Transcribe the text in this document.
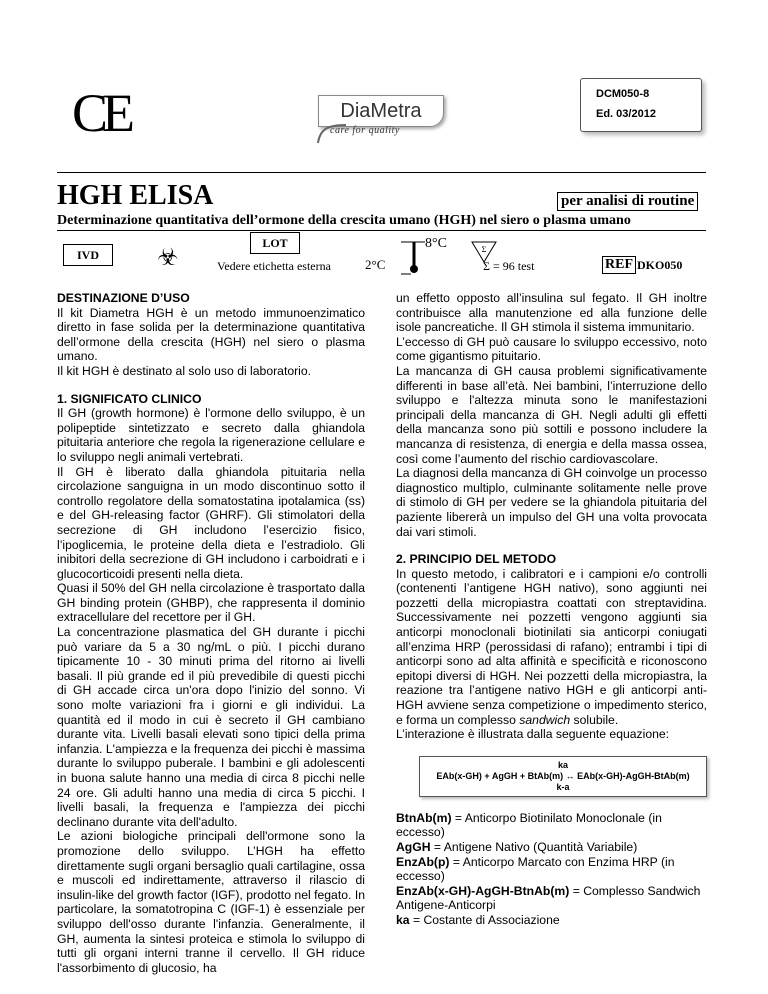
CE	DiaMetra
care for quality
DCM050-8
Ed. 03/2012
HGH ELISA	per analisi di routine
Determinazione quantitativa dell’ormone della crescita umano (HGH) nel siero o plasma umano
IVD	☣
LOT
Vedere etichetta esterna	2°C
8°C	Σ
Σ = 96 test	REF DKO050
DESTINAZIONE D’USO

Il kit Diametra HGH è un metodo immunoenzimatico diretto in fase solida per la determinazione quantitativa dell’ormone della crescita (HGH) nel siero o plasma umano.

Il kit HGH è destinato al solo uso di laboratorio.

1. SIGNIFICATO CLINICO

Il GH (growth hormone) è l'ormone dello sviluppo, è un polipeptide sintetizzato e secreto dalla ghiandola pituitaria anteriore che regola la rigenerazione cellulare e lo sviluppo negli animali vertebrati.

Il GH è liberato dalla ghiandola pituitaria nella circolazione sanguigna in un modo discontinuo sotto il controllo regolatore della somatostatina ipotalamica (ss) e del GH-releasing factor (GHRF). Gli stimolatori della secrezione di GH includono l’esercizio fisico, l’ipoglicemia, le proteine della dieta e l’estradiolo. Gli inibitori della secrezione di GH includono i carboidrati e i glucocorticoidi presenti nella dieta.

Quasi il 50% del GH nella circolazione è trasportato dalla GH binding protein (GHBP), che rappresenta il dominio extracellulare del recettore per il GH.

La concentrazione plasmatica del GH durante i picchi può variare da 5 a 30 ng/mL o più. I picchi durano tipicamente 10 - 30 minuti prima del ritorno ai livelli basali. Il più grande ed il più prevedibile di questi picchi di GH accade circa un'ora dopo l'inizio del sonno. Vi sono molte variazioni fra i giorni e gli individui. La quantità ed il modo in cui è secreto il GH cambiano durante vita. Livelli basali elevati sono tipici della prima infanzia. L'ampiezza e la frequenza dei picchi è massima durante lo sviluppo puberale. I bambini e gli adolescenti in buona salute hanno una media di circa 8 picchi nelle 24 ore. Gli adulti hanno una media di circa 5 picchi. I livelli basali, la frequenza e l'ampiezza dei picchi declinano durante vita dell'adulto.

Le azioni biologiche principali dell'ormone sono la promozione dello sviluppo. L’HGH ha effetto direttamente sugli organi bersaglio quali cartilagine, ossa e muscoli ed indirettamente, attraverso il rilascio di insulin-like del growth factor (IGF), prodotto nel fegato. In particolare, la somatotropina C (IGF-1) è essenziale per sviluppo dell'osso durante l'infanzia. Generalmente, il GH, aumenta la sintesi proteica e stimola lo sviluppo di tutti gli organi interni tranne il cervello. Il GH riduce l'assorbimento di glucosio, ha

un effetto opposto all’insulina sul fegato. Il GH inoltre contribuisce alla manutenzione ed alla funzione delle isole pancreatiche. Il GH stimola il sistema immunitario.

L’eccesso di GH può causare lo sviluppo eccessivo, noto come gigantismo pituitario.

La mancanza di GH causa problemi significativamente differenti in base all’età. Nei bambini, l’interruzione dello sviluppo e l'altezza minuta sono le manifestazioni principali della mancanza di GH. Negli adulti gli effetti della mancanza sono più sottili e possono includere la mancanza di resistenza, di energia e della massa ossea, così come l’aumento del rischio cardiovascolare.

La diagnosi della mancanza di GH coinvolge un processo diagnostico multiplo, culminante solitamente nelle prove di stimolo di GH per vedere se la ghiandola pituitaria del paziente libererà un impulso del GH una volta provocata dai vari stimoli.

2. PRINCIPIO DEL METODO

In questo metodo, i calibratori e i campioni e/o controlli (contenenti l’antigene HGH nativo), sono aggiunti nei pozzetti della micropiastra coattati con streptavidina. Successivamente nei pozzetti vengono aggiunti sia anticorpi monoclonali biotinilati sia anticorpi coniugati all’enzima HRP (perossidasi di rafano); entrambi i tipi di anticorpi sono ad alta affinità e specificità e riconoscono epitopi diversi di HGH. Nei pozzetti della micropiastra, la reazione tra l’antigene nativo HGH e gli anticorpi anti-HGH avviene senza competizione o impedimento sterico, e forma un complesso sandwich solubile.

L’interazione è illustrata dalla seguente equazione:

ka
EAb(x-GH) + AgGH + BtAb(m) ↔ EAb(x-GH)-AgGH-BtAb(m)
k-a

BtnAb(m) = Anticorpo Biotinilato Monoclonale (in eccesso)

AgGH = Antigene Nativo (Quantità Variabile)

EnzAb(p) = Anticorpo Marcato con Enzima HRP (in eccesso)

EnzAb(x-GH)-AgGH-BtnAb(m) = Complesso Sandwich Antigene-Anticorpi

ka = Costante di Associazione
